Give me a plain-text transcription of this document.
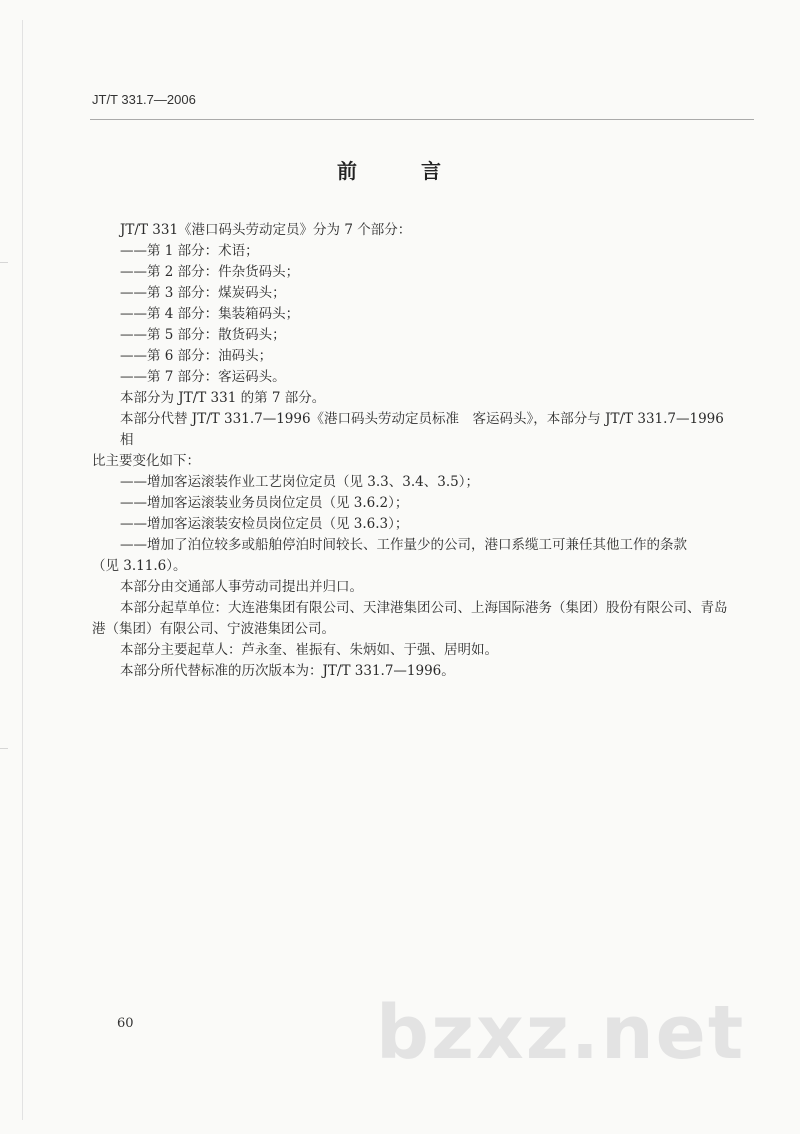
JT/T 331.7—2006
前　言

JT/T 331《港口码头劳动定员》分为 7 个部分：

——第 1 部分：术语；

——第 2 部分：件杂货码头；

——第 3 部分：煤炭码头；

——第 4 部分：集装箱码头；

——第 5 部分：散货码头；

——第 6 部分：油码头；

——第 7 部分：客运码头。

本部分为 JT/T 331 的第 7 部分。

本部分代替 JT/T 331.7—1996《港口码头劳动定员标准　客运码头》，本部分与 JT/T 331.7—1996 相

比主要变化如下：

——增加客运滚装作业工艺岗位定员（见 3.3、3.4、3.5）；

——增加客运滚装业务员岗位定员（见 3.6.2）；

——增加客运滚装安检员岗位定员（见 3.6.3）；

——增加了泊位较多或船舶停泊时间较长、工作量少的公司，港口系缆工可兼任其他工作的条款

（见 3.11.6）。

本部分由交通部人事劳动司提出并归口。

本部分起草单位：大连港集团有限公司、天津港集团公司、上海国际港务（集团）股份有限公司、青岛

港（集团）有限公司、宁波港集团公司。

本部分主要起草人：芦永奎、崔振有、朱炳如、于强、居明如。

本部分所代替标准的历次版本为：JT/T 331.7—1996。

60	bzxz.net
